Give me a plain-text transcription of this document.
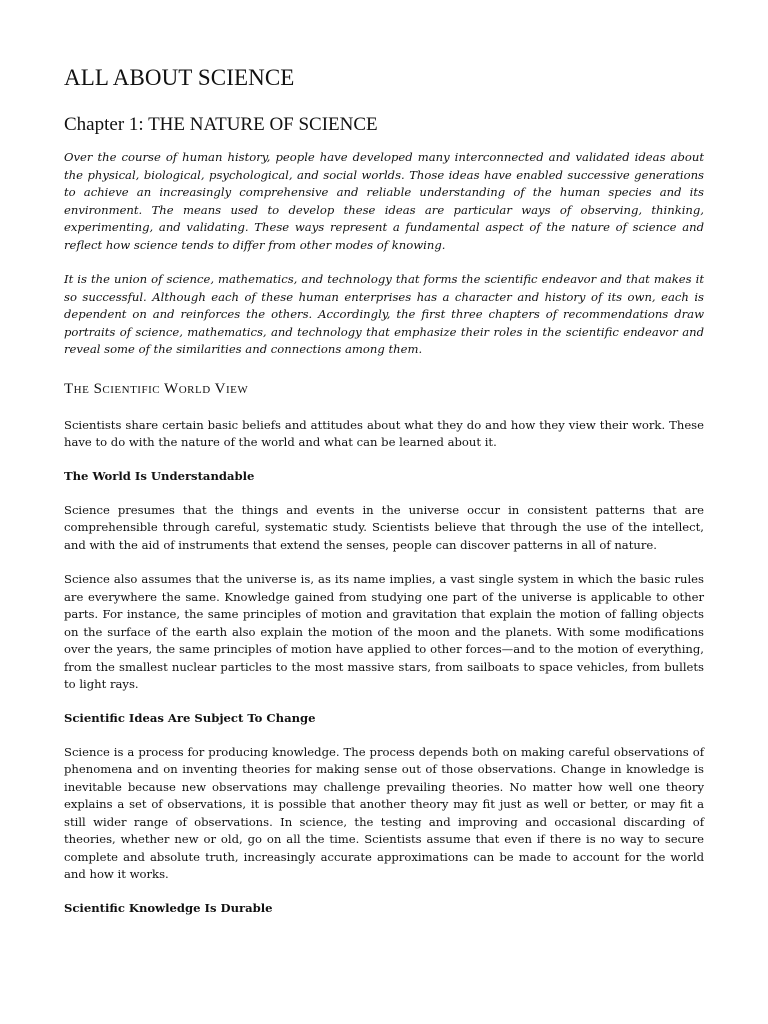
ALL ABOUT SCIENCE
Chapter 1: THE NATURE OF SCIENCE

Over the course of human history, people have developed many interconnected and validated ideas about the physical, biological, psychological, and social worlds. Those ideas have enabled successive generations to achieve an increasingly comprehensive and reliable understanding of the human species and its environment. The means used to develop these ideas are particular ways of observing, thinking, experimenting, and validating. These ways represent a fundamental aspect of the nature of science and reflect how science tends to differ from other modes of knowing.

It is the union of science, mathematics, and technology that forms the scientific endeavor and that makes it so successful. Although each of these human enterprises has a character and history of its own, each is dependent on and reinforces the others. Accordingly, the first three chapters of recommendations draw portraits of science, mathematics, and technology that emphasize their roles in the scientific endeavor and reveal some of the similarities and connections among them.

The Scientific World View

Scientists share certain basic beliefs and attitudes about what they do and how they view their work. These have to do with the nature of the world and what can be learned about it.

The World Is Understandable

Science presumes that the things and events in the universe occur in consistent patterns that are comprehensible through careful, systematic study. Scientists believe that through the use of the intellect, and with the aid of instruments that extend the senses, people can discover patterns in all of nature.

Science also assumes that the universe is, as its name implies, a vast single system in which the basic rules are everywhere the same. Knowledge gained from studying one part of the universe is applicable to other parts. For instance, the same principles of motion and gravitation that explain the motion of falling objects on the surface of the earth also explain the motion of the moon and the planets. With some modifications over the years, the same principles of motion have applied to other forces—and to the motion of everything, from the smallest nuclear particles to the most massive stars, from sailboats to space vehicles, from bullets to light rays.

Scientific Ideas Are Subject To Change

Science is a process for producing knowledge. The process depends both on making careful observations of phenomena and on inventing theories for making sense out of those observations. Change in knowledge is inevitable because new observations may challenge prevailing theories. No matter how well one theory explains a set of observations, it is possible that another theory may fit just as well or better, or may fit a still wider range of observations. In science, the testing and improving and occasional discarding of theories, whether new or old, go on all the time. Scientists assume that even if there is no way to secure complete and absolute truth, increasingly accurate approximations can be made to account for the world and how it works.

Scientific Knowledge Is Durable
